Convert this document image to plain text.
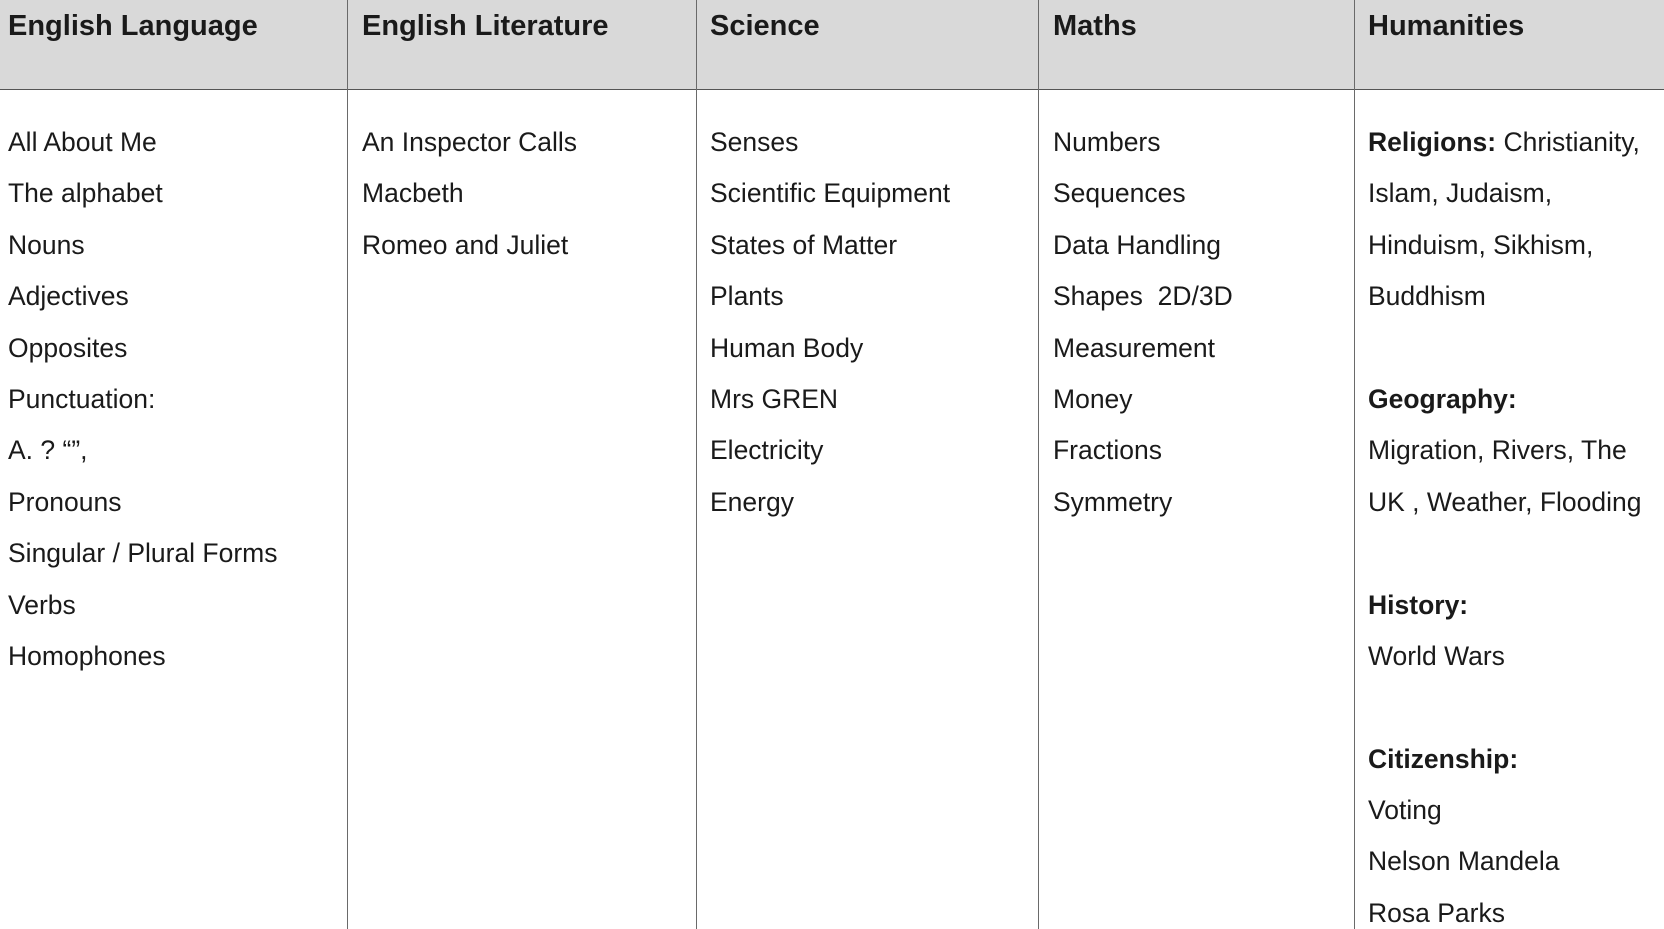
English Language
All About Me
The alphabet
Nouns
Adjectives
Opposites
Punctuation:
A. ? “”,
Pronouns
Singular / Plural Forms
Verbs
Homophones
English Literature
An Inspector Calls
Macbeth
Romeo and Juliet
Science
Senses
Scientific Equipment
States of Matter
Plants
Human Body
Mrs GREN
Electricity
Energy
Maths
Numbers
Sequences
Data Handling
Shapes  2D/3D
Measurement
Money
Fractions
Symmetry
Humanities
Religions: Christianity,
Islam, Judaism,
Hinduism, Sikhism,
Buddhism
Geography:
Migration, Rivers, The
UK , Weather, Flooding
History:
World Wars
Citizenship:
Voting
Nelson Mandela
Rosa Parks
